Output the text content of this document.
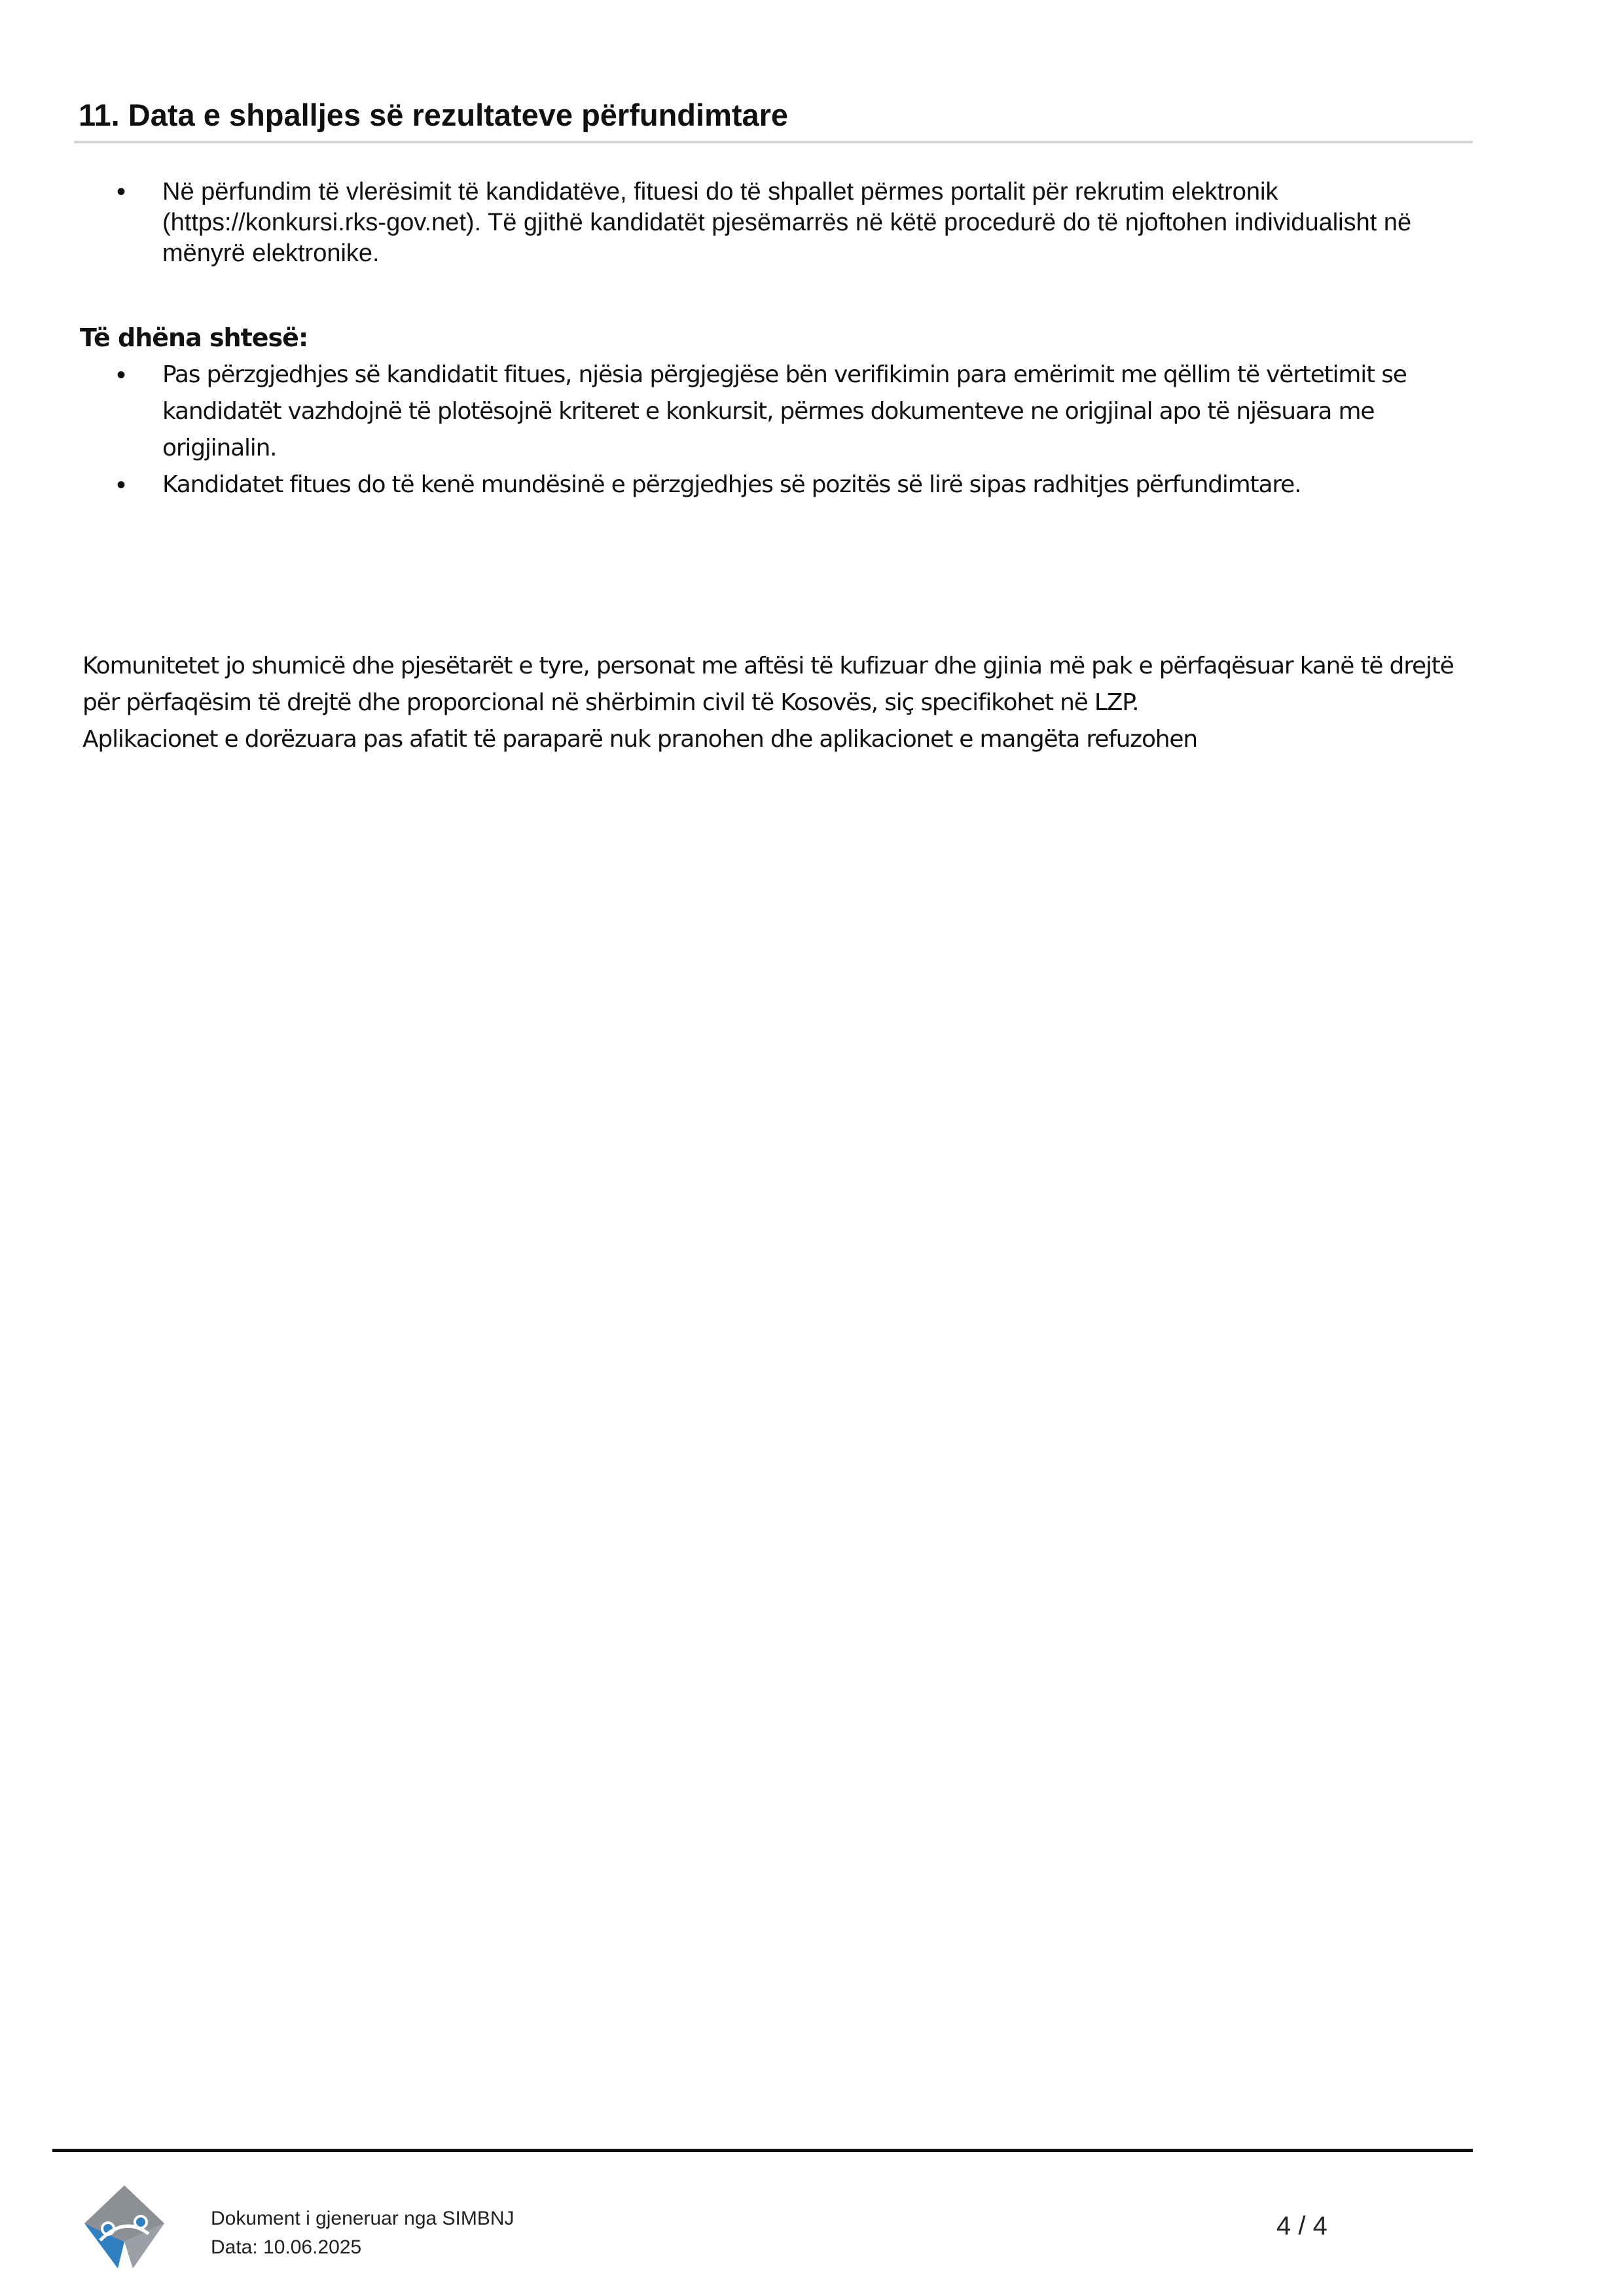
11. Data e shpalljes së rezultateve përfundimtare
• Në përfundim të vlerësimit të kandidatëve, fituesi do të shpallet përmes portalit për rekrutim elektronik (https://konkursi.rks-gov.net). Të gjithë kandidatët pjesëmarrës në këtë procedurë do të njoftohen individualisht në mënyrë elektronike.
Të dhëna shtesë:
• Pas përzgjedhjes së kandidatit fitues, njësia përgjegjëse bën verifikimin para emërimit me qëllim të vërtetimit se kandidatët vazhdojnë të plotësojnë kriteret e konkursit, përmes dokumenteve ne origjinal apo të njësuara me origjinalin.
• Kandidatet fitues do të kenë mundësinë e përzgjedhjes së pozitës së lirë sipas radhitjes përfundimtare.

Komunitetet jo shumicë dhe pjesëtarët e tyre, personat me aftësi të kufizuar dhe gjinia më pak e përfaqësuar kanë të drejtë për përfaqësim të drejtë dhe proporcional në shërbimin civil të Kosovës, siç specifikohet në LZP.

Aplikacionet e dorëzuara pas afatit të paraparë nuk pranohen dhe aplikacionet e mangëta refuzohen

Dokument i gjeneruar nga SIMBNJ
Data: 10.06.2025
4 / 4
